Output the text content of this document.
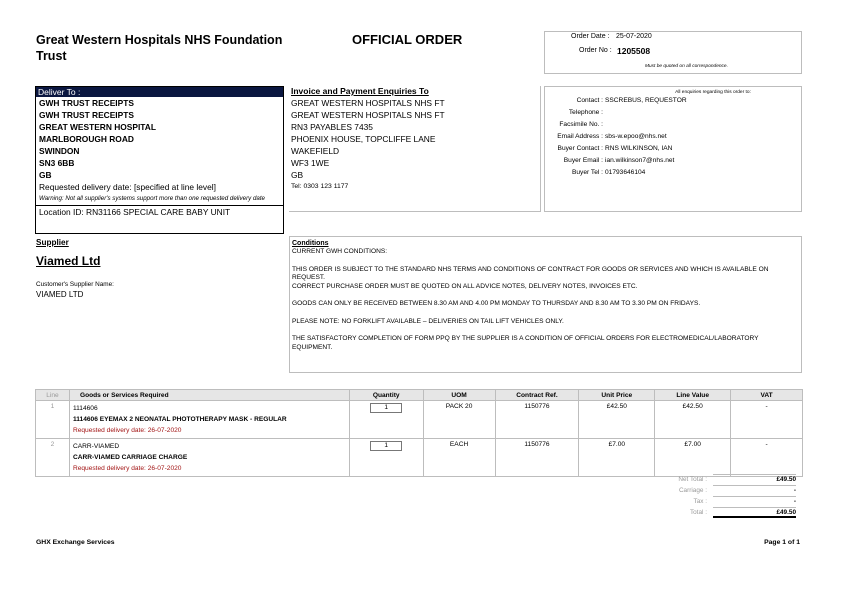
Great Western Hospitals NHS Foundation Trust
OFFICIAL ORDER	Order Date : 25-07-2020
Order No : 1205508
Must be quoted on all correspondence.
Deliver To :
GWH TRUST RECEIPTS
GWH TRUST RECEIPTS
GREAT WESTERN HOSPITAL
MARLBOROUGH ROAD
SWINDON
SN3 6BB
GB
Requested delivery date: [specified at line level]
Warning: Not all supplier's systems support more than one requested delivery date
Location ID: RN31166 SPECIAL CARE BABY UNIT
Invoice and Payment Enquiries To
GREAT WESTERN HOSPITALS NHS FT
GREAT WESTERN HOSPITALS NHS FT
RN3 PAYABLES 7435
PHOENIX HOUSE, TOPCLIFFE LANE
WAKEFIELD
WF3 1WE
GB
Tel: 0303 123 1177
All enquiries regarding this order to:
Contact : SSCREBUS, REQUESTOR
Telephone :
Facsimile No. :
Email Address : sbs-w.epoo@nhs.net
Buyer Contact : RNS WILKINSON, IAN
Buyer Email : ian.wilkinson7@nhs.net
Buyer Tel : 01793646104
Supplier
Viamed Ltd
Customer's Supplier Name:
VIAMED LTD
Conditions

CURRENT GWH CONDITIONS:

THIS ORDER IS SUBJECT TO THE STANDARD NHS TERMS AND CONDITIONS OF CONTRACT FOR GOODS OR SERVICES AND WHICH IS AVAILABLE ON REQUEST.
CORRECT PURCHASE ORDER MUST BE QUOTED ON ALL ADVICE NOTES, DELIVERY NOTES, INVOICES ETC.

GOODS CAN ONLY BE RECEIVED BETWEEN 8.30 AM AND 4.00 PM MONDAY TO THURSDAY AND 8.30 AM TO 3.30 PM ON FRIDAYS.

PLEASE NOTE: NO FORKLIFT AVAILABLE – DELIVERIES ON TAIL LIFT VEHICLES ONLY.

THE SATISFACTORY COMPLETION OF FORM PPQ BY THE SUPPLIER IS A CONDITION OF OFFICIAL ORDERS FOR ELECTROMEDICAL/LABORATORY EQUIPMENT.

Line	Goods or Services Required	Quantity	UOM	Contract Ref.	Unit Price	Line Value	VAT
1	1114606
1114606 EYEMAX 2 NEONATAL PHOTOTHERAPY MASK - REGULAR
Requested delivery date: 26-07-2020	1	PACK 20	1150776	£42.50	£42.50	-
2	CARR-VIAMED
CARR-VIAMED CARRIAGE CHARGE
Requested delivery date: 26-07-2020	1	EACH	1150776	£7.00	£7.00	-
Net Total :	£49.50
Carriage :	-
Tax :	-
Total :	£49.50
GHX Exchange Services	Page 1 of 1
